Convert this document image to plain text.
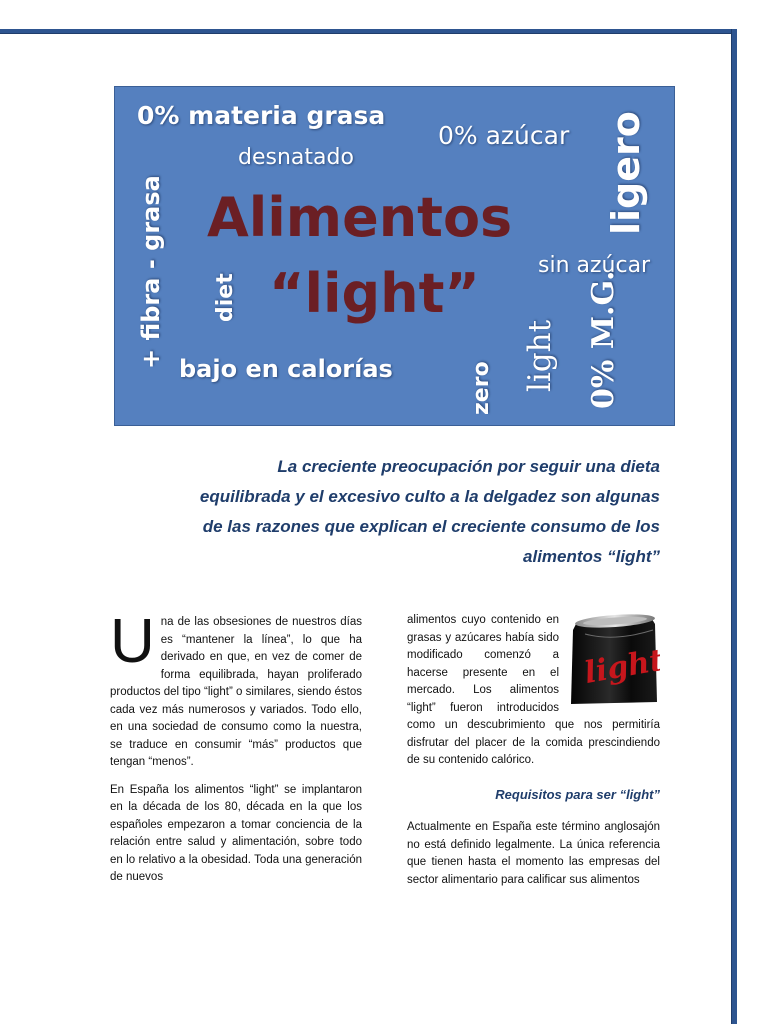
0% materia grasa
0% azúcar
desnatado	ligero
+ fibra - grasa Alimentos
sin azúcar
diet “light”	0% M.G.
light
zero
bajo en calorías
La creciente preocupación por seguir una dieta
equilibrada y el excesivo culto a la delgadez son algunas
de las razones que explican el creciente consumo de los
alimentos “light”

Una de las obsesiones de nuestros días es “mantener la línea”, lo que ha derivado en que, en vez de comer de forma equilibrada, hayan proliferado productos del tipo “light” o similares, siendo éstos cada vez más numerosos y variados. Todo ello, en una sociedad de consumo como la nuestra, se traduce en consumir “más” productos que tengan “menos”.

En España los alimentos “light” se implantaron en la década de los 80, década en la que los españoles empezaron a tomar conciencia de la relación entre salud y alimentación, sobre todo en lo relativo a la obesidad. Toda una generación de nuevos

light

alimentos cuyo contenido en grasas y azúcares había sido modificado comenzó a hacerse presente en el mercado. Los alimentos “light” fueron introducidos como un descubrimiento que nos permitiría disfrutar del placer de la comida prescindiendo de su contenido calórico.

Requisitos para ser “light”

Actualmente en España este término anglosajón no está definido legalmente. La única referencia que tienen hasta el momento las empresas del sector alimentario para calificar sus alimentos
